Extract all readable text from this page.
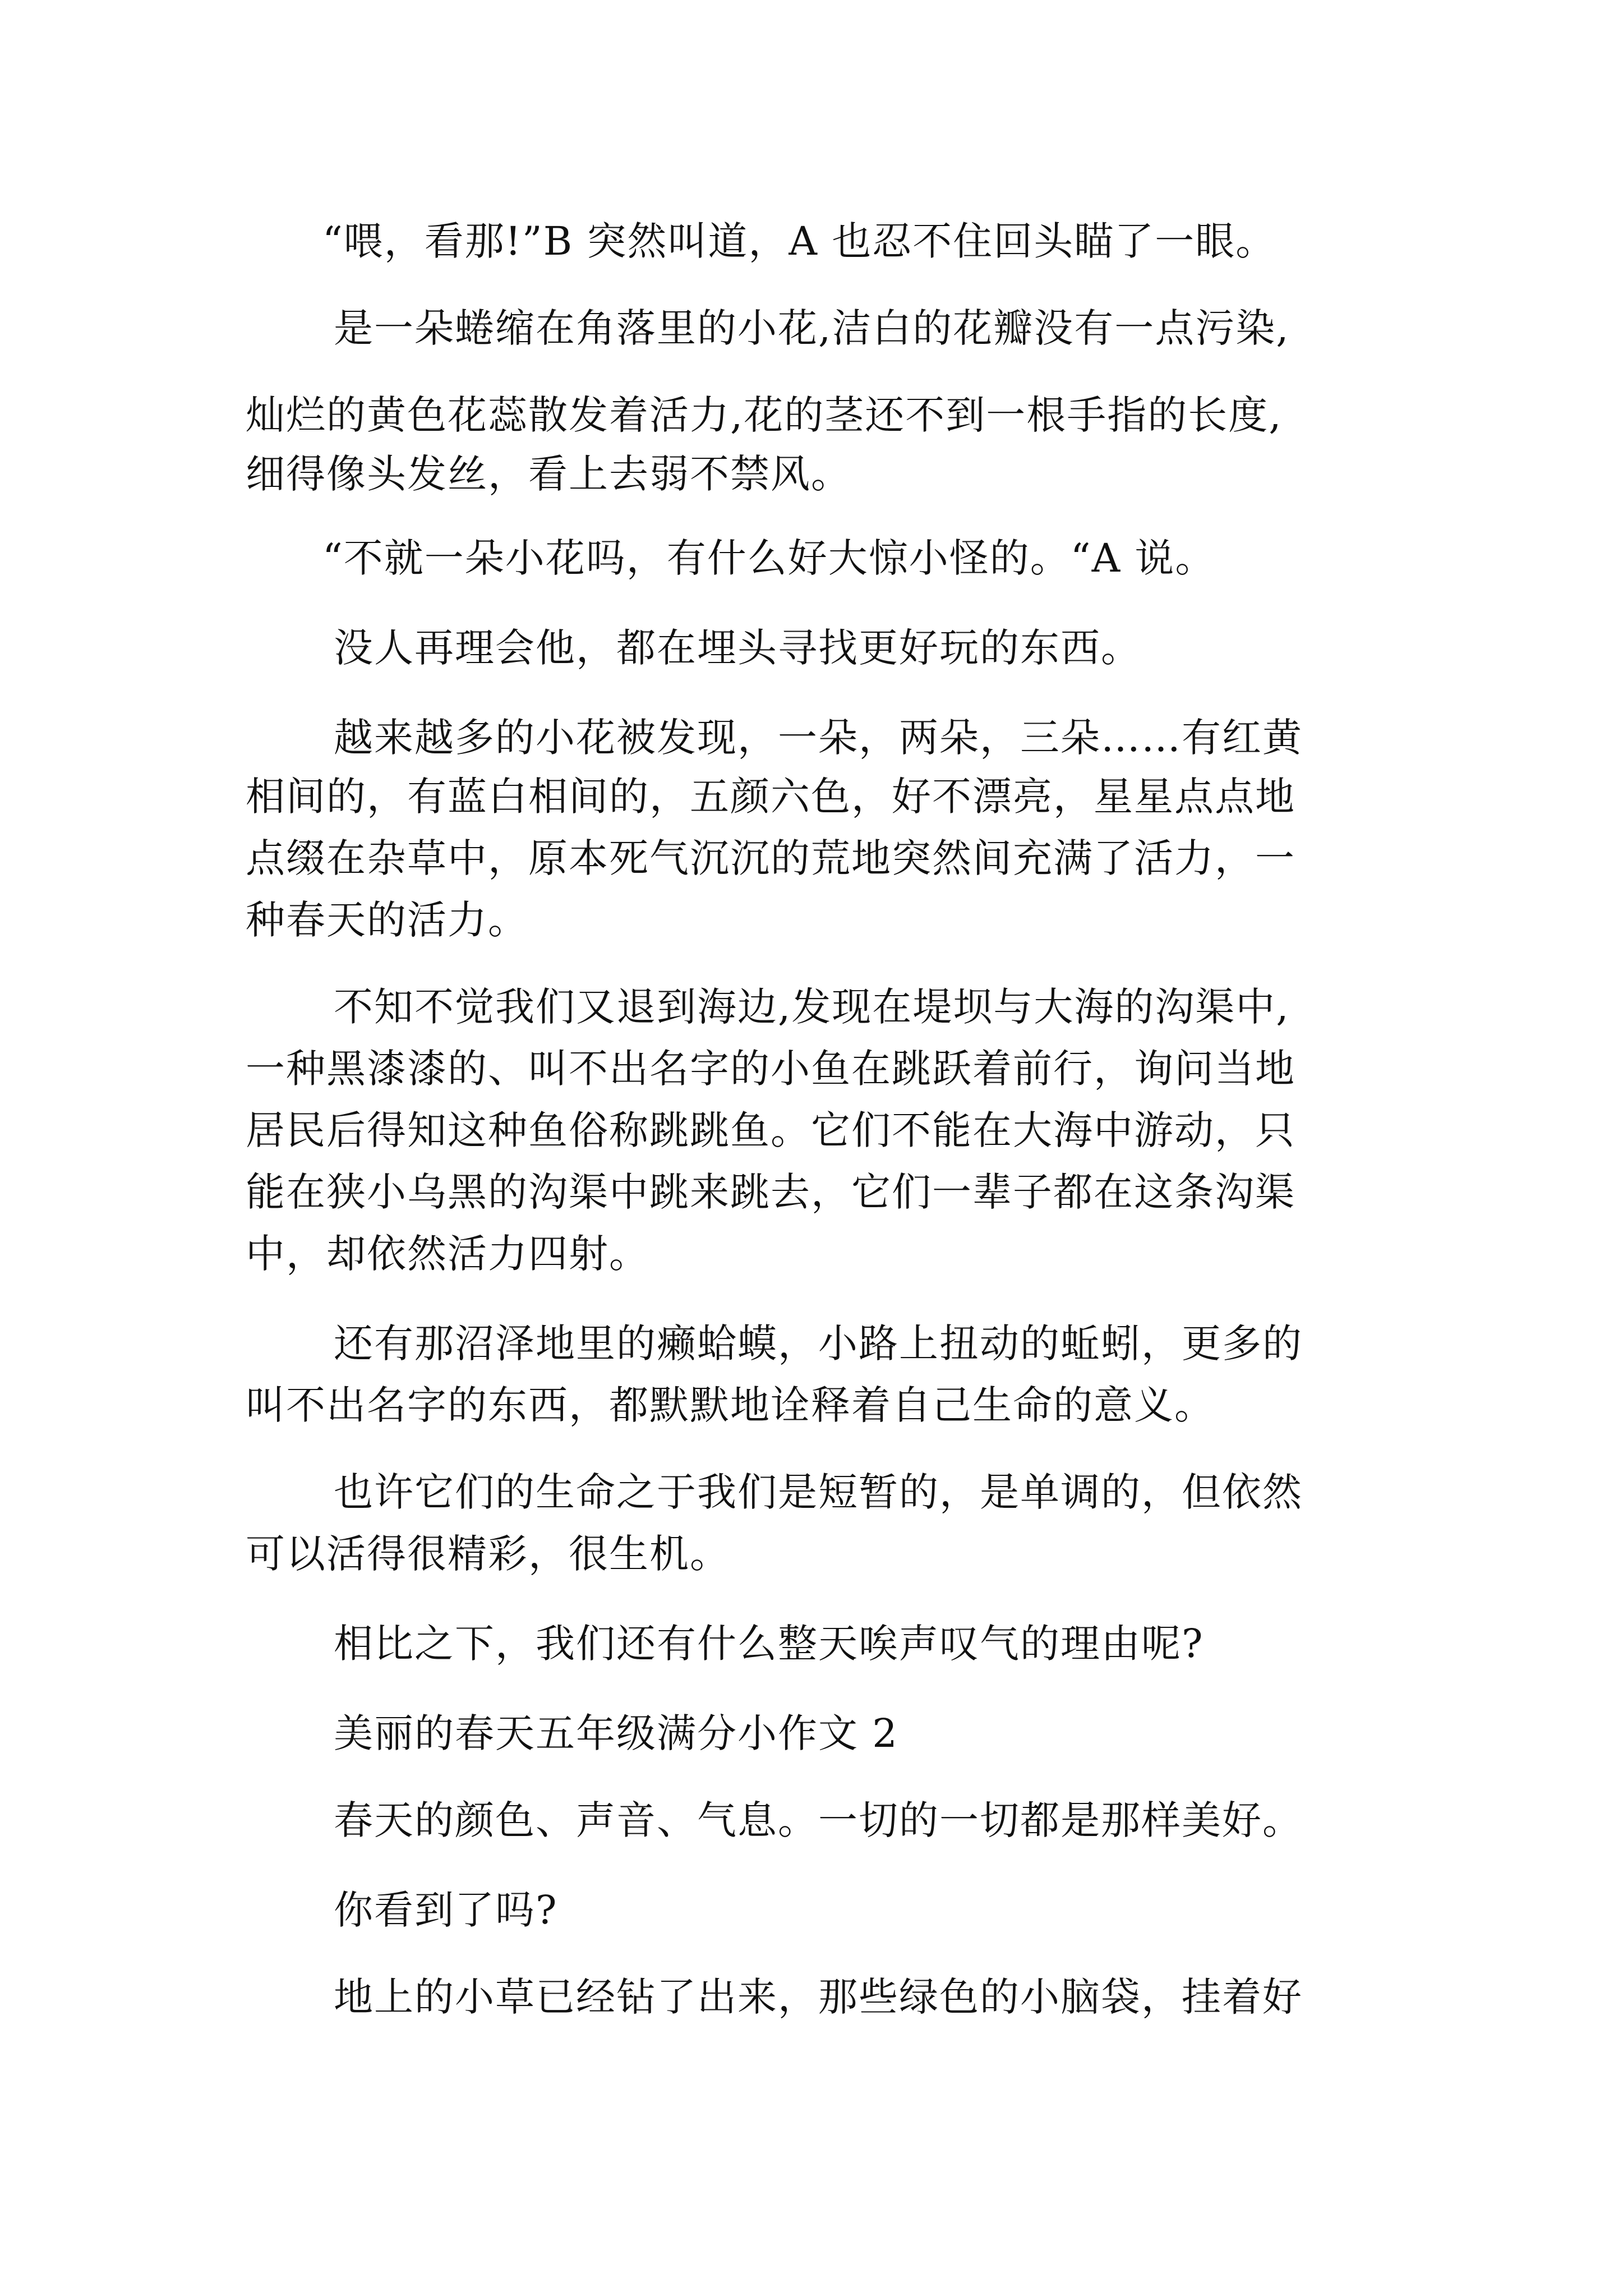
“喂，看那!”B 突然叫道，A 也忍不住回头瞄了一眼。
是一朵蜷缩在角落里的小花,洁白的花瓣没有一点污染,
灿烂的黄色花蕊散发着活力,花的茎还不到一根手指的长度,
细得像头发丝，看上去弱不禁风。
“不就一朵小花吗，有什么好大惊小怪的。“A 说。
没人再理会他，都在埋头寻找更好玩的东西。
越来越多的小花被发现，一朵，两朵，三朵……有红黄
相间的，有蓝白相间的，五颜六色，好不漂亮，星星点点地
点缀在杂草中，原本死气沉沉的荒地突然间充满了活力，一
种春天的活力。
不知不觉我们又退到海边,发现在堤坝与大海的沟渠中,
一种黑漆漆的、叫不出名字的小鱼在跳跃着前行，询问当地
居民后得知这种鱼俗称跳跳鱼。它们不能在大海中游动，只
能在狭小乌黑的沟渠中跳来跳去，它们一辈子都在这条沟渠
中，却依然活力四射。
还有那沼泽地里的癞蛤蟆，小路上扭动的蚯蚓，更多的
叫不出名字的东西，都默默地诠释着自己生命的意义。
也许它们的生命之于我们是短暂的，是单调的，但依然
可以活得很精彩，很生机。
相比之下，我们还有什么整天唉声叹气的理由呢?
美丽的春天五年级满分小作文 2
春天的颜色、声音、气息。一切的一切都是那样美好。
你看到了吗?
地上的小草已经钻了出来，那些绿色的小脑袋，挂着好
